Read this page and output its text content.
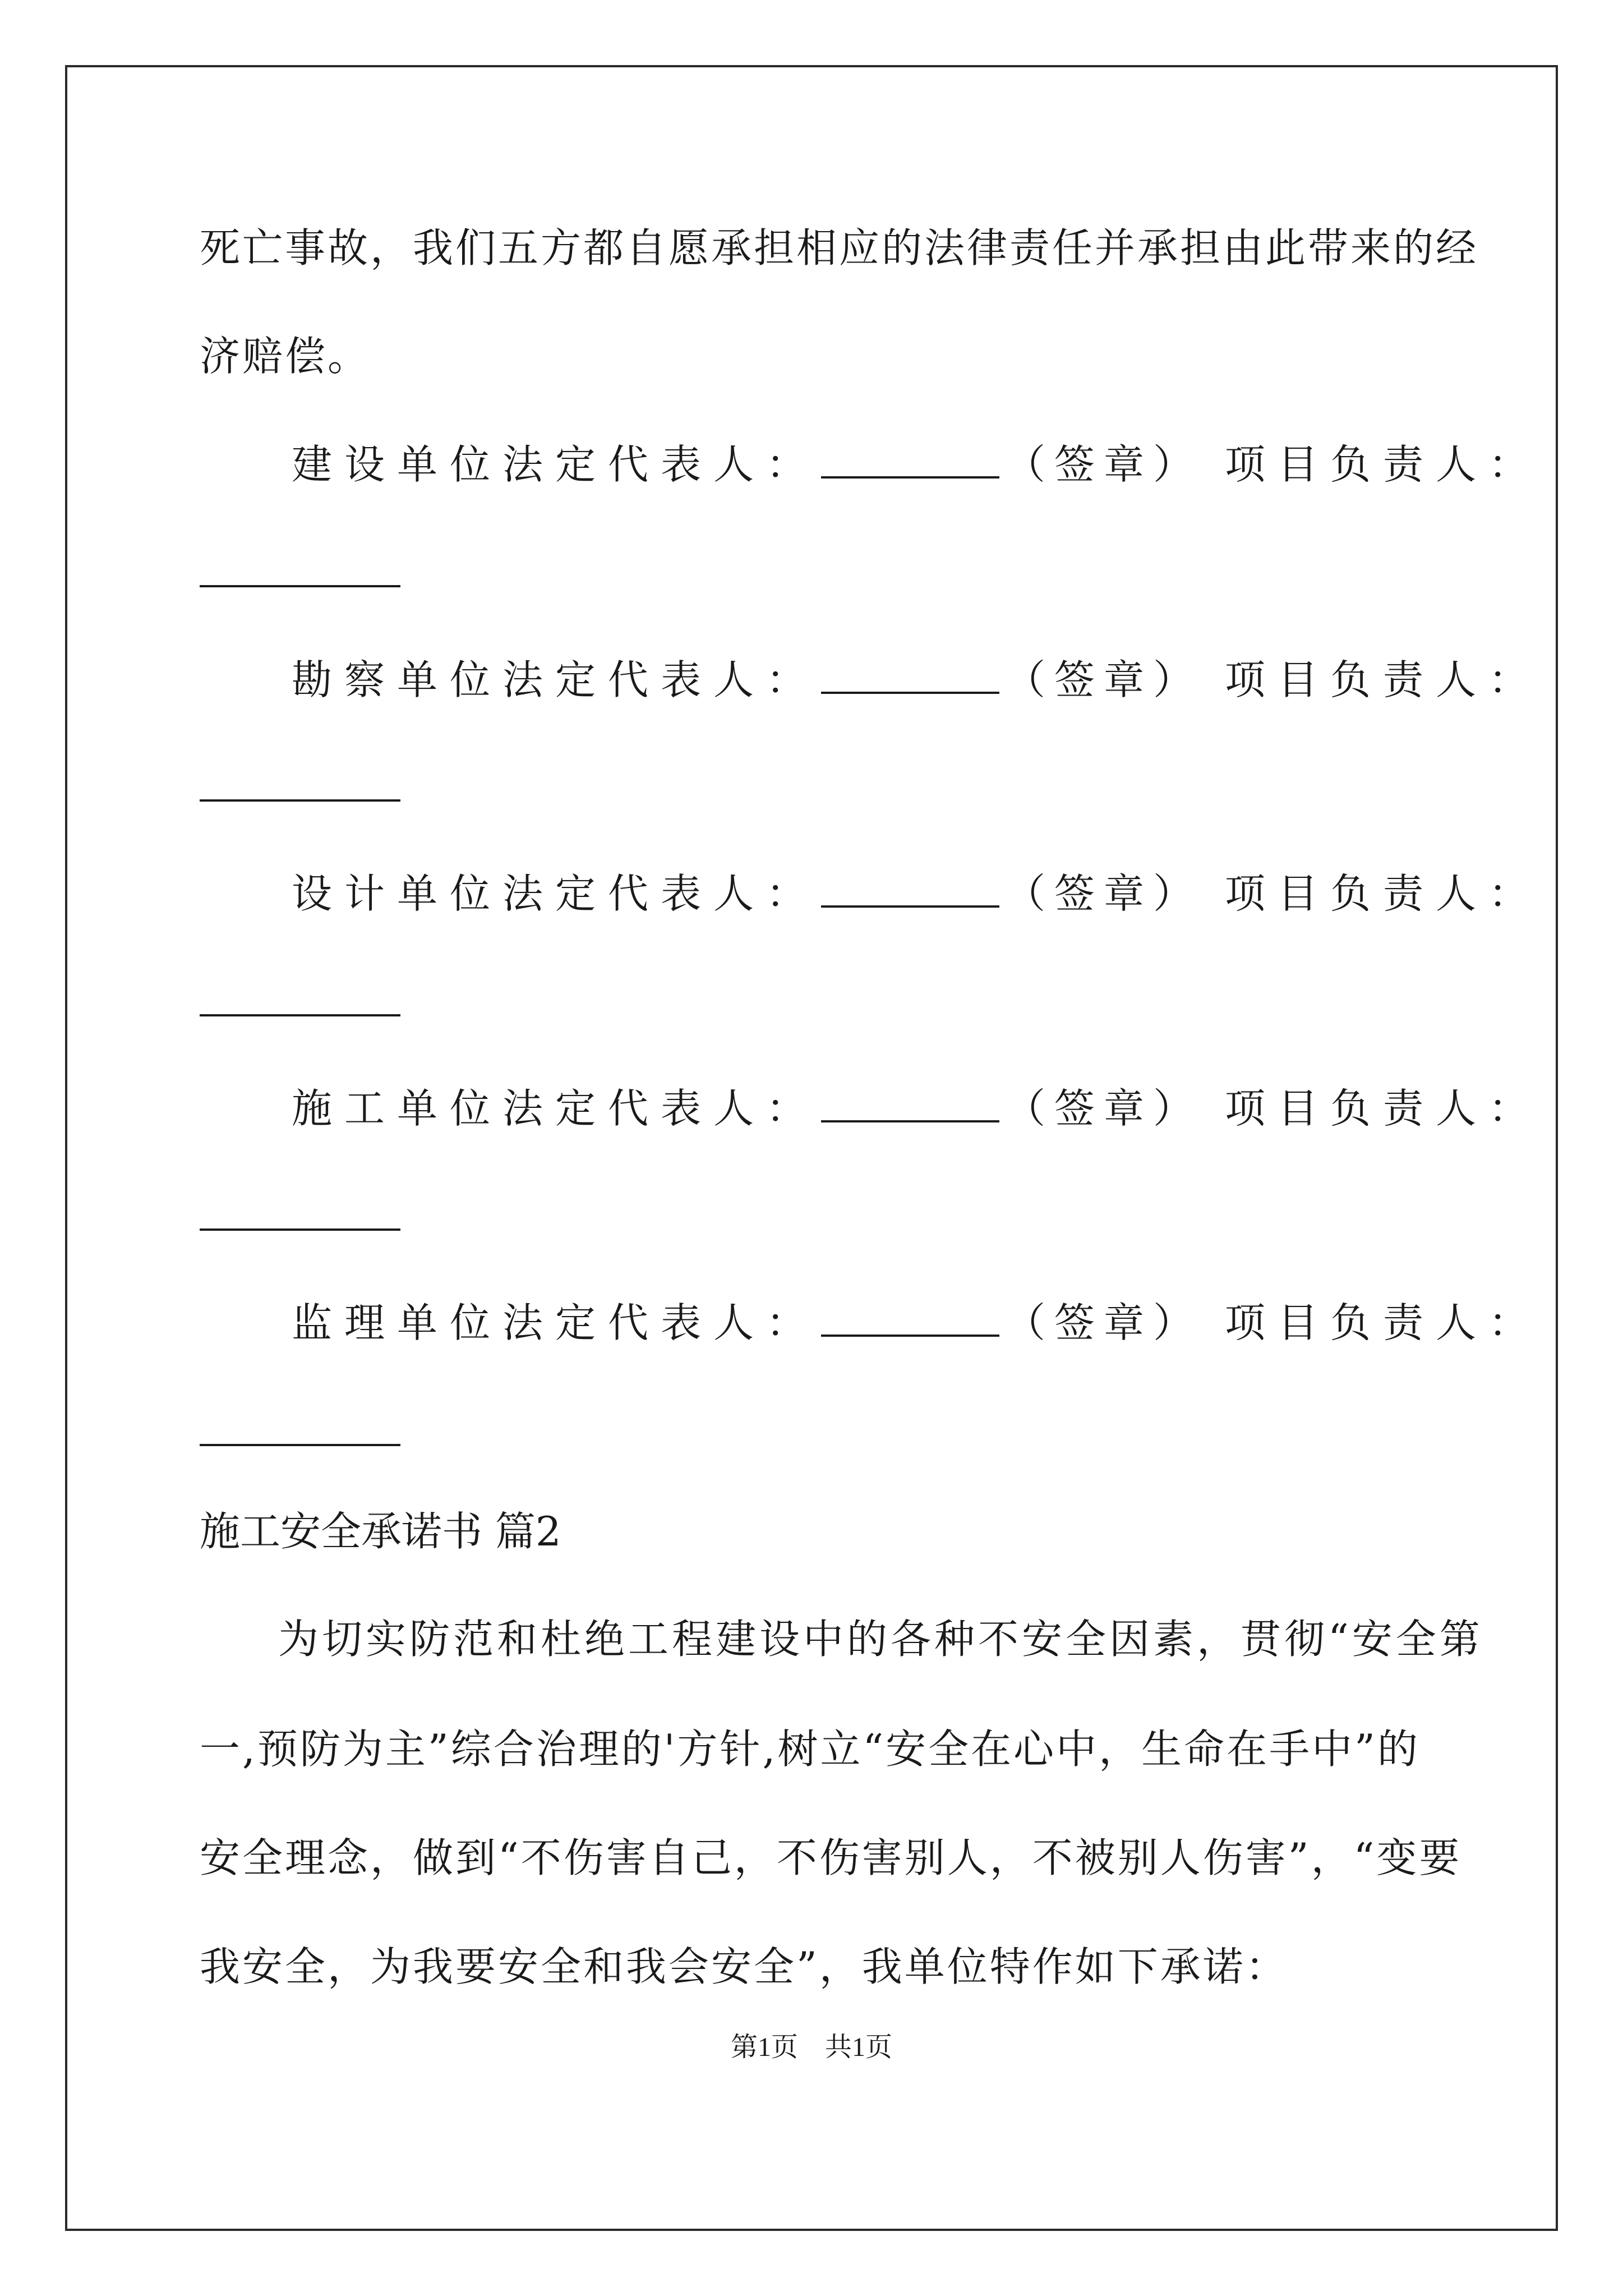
死亡事故，我们五方都自愿承担相应的法律责任并承担由此带来的经
济赔偿。
建设单位法定代表人：	（签章） 项目负责人：
勘察单位法定代表人：	（签章） 项目负责人：
设计单位法定代表人：	（签章） 项目负责人：
施工单位法定代表人：	（签章） 项目负责人：
监理单位法定代表人：	（签章） 项目负责人：
施工安全承诺书 篇2
为切实防范和杜绝工程建设中的各种不安全因素，贯彻“安全第
一,预防为主”综合治理的'方针,树立“安全在心中，生命在手中”的
安全理念，做到“不伤害自己，不伤害别人，不被别人伤害”，“变要
我安全，为我要安全和我会安全”，我单位特作如下承诺：
第1页 共1页
